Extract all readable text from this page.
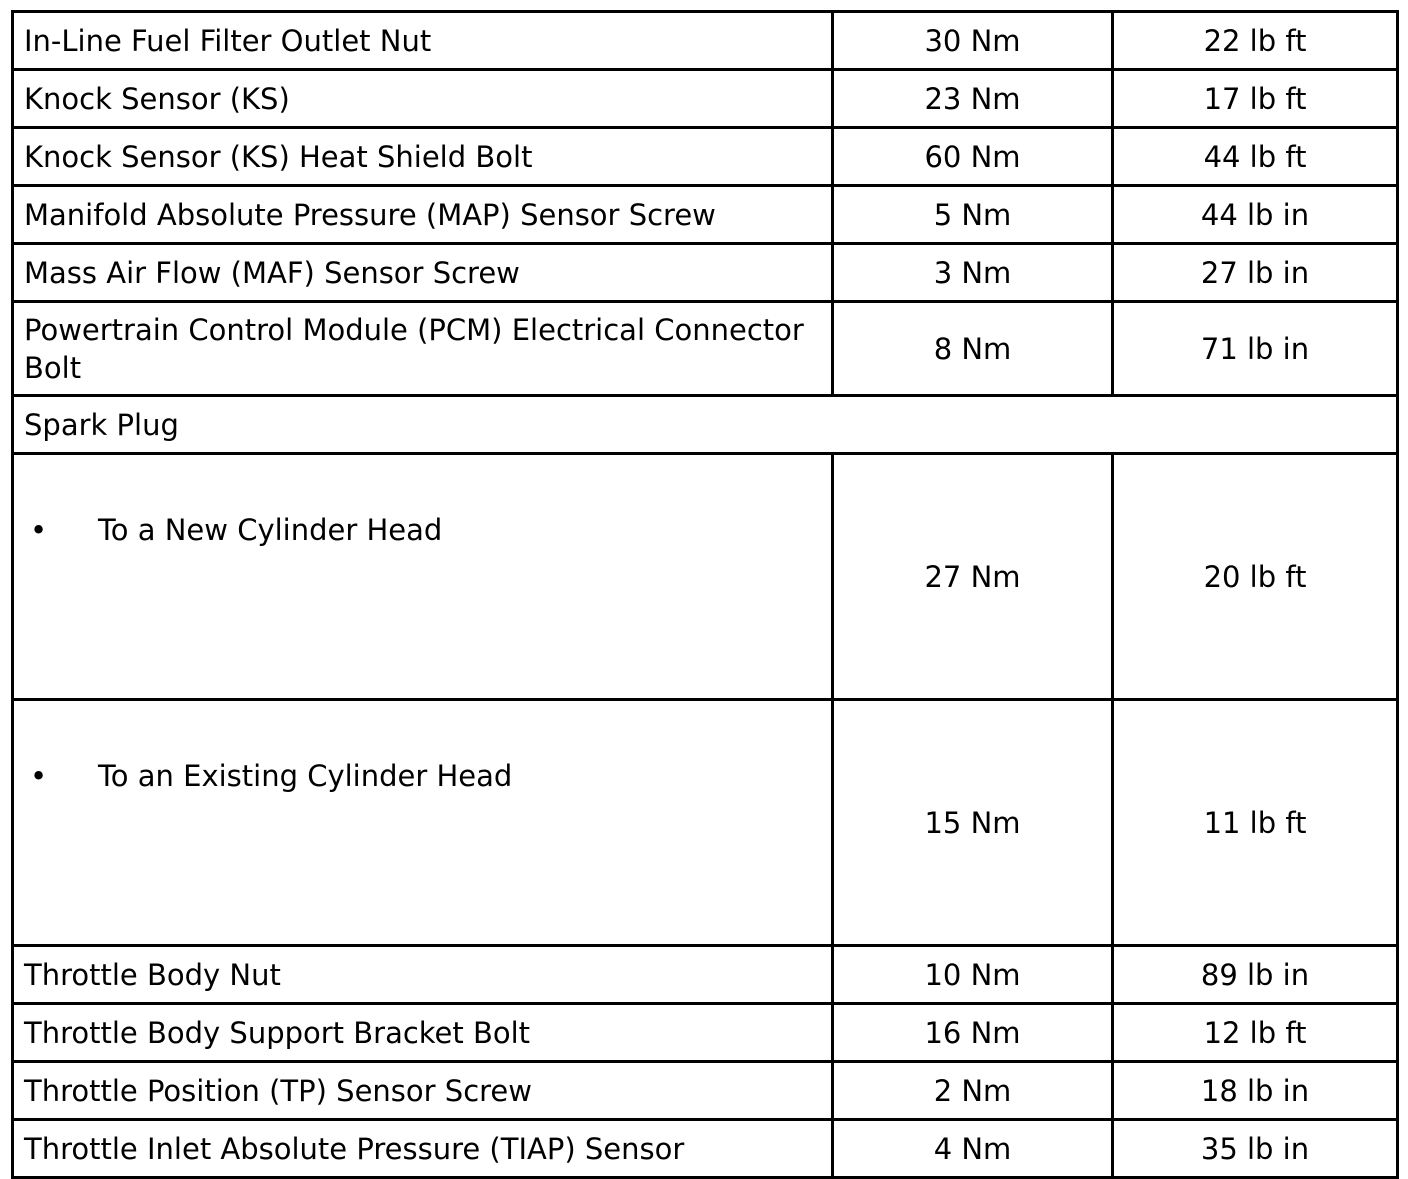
In-Line Fuel Filter Outlet Nut	30 Nm	22 lb ft
Knock Sensor (KS)	23 Nm	17 lb ft
Knock Sensor (KS) Heat Shield Bolt	60 Nm	44 lb ft
Manifold Absolute Pressure (MAP) Sensor Screw	5 Nm	44 lb in
Mass Air Flow (MAF) Sensor Screw	3 Nm	27 lb in
Powertrain Control Module (PCM) Electrical Connector Bolt	8 Nm	71 lb in
Spark Plug		
• To a New Cylinder Head	27 Nm	20 lb ft
• To an Existing Cylinder Head	15 Nm	11 lb ft
Throttle Body Nut	10 Nm	89 lb in
Throttle Body Support Bracket Bolt	16 Nm	12 lb ft
Throttle Position (TP) Sensor Screw	2 Nm	18 lb in
Throttle Inlet Absolute Pressure (TIAP) Sensor	4 Nm	35 lb in
